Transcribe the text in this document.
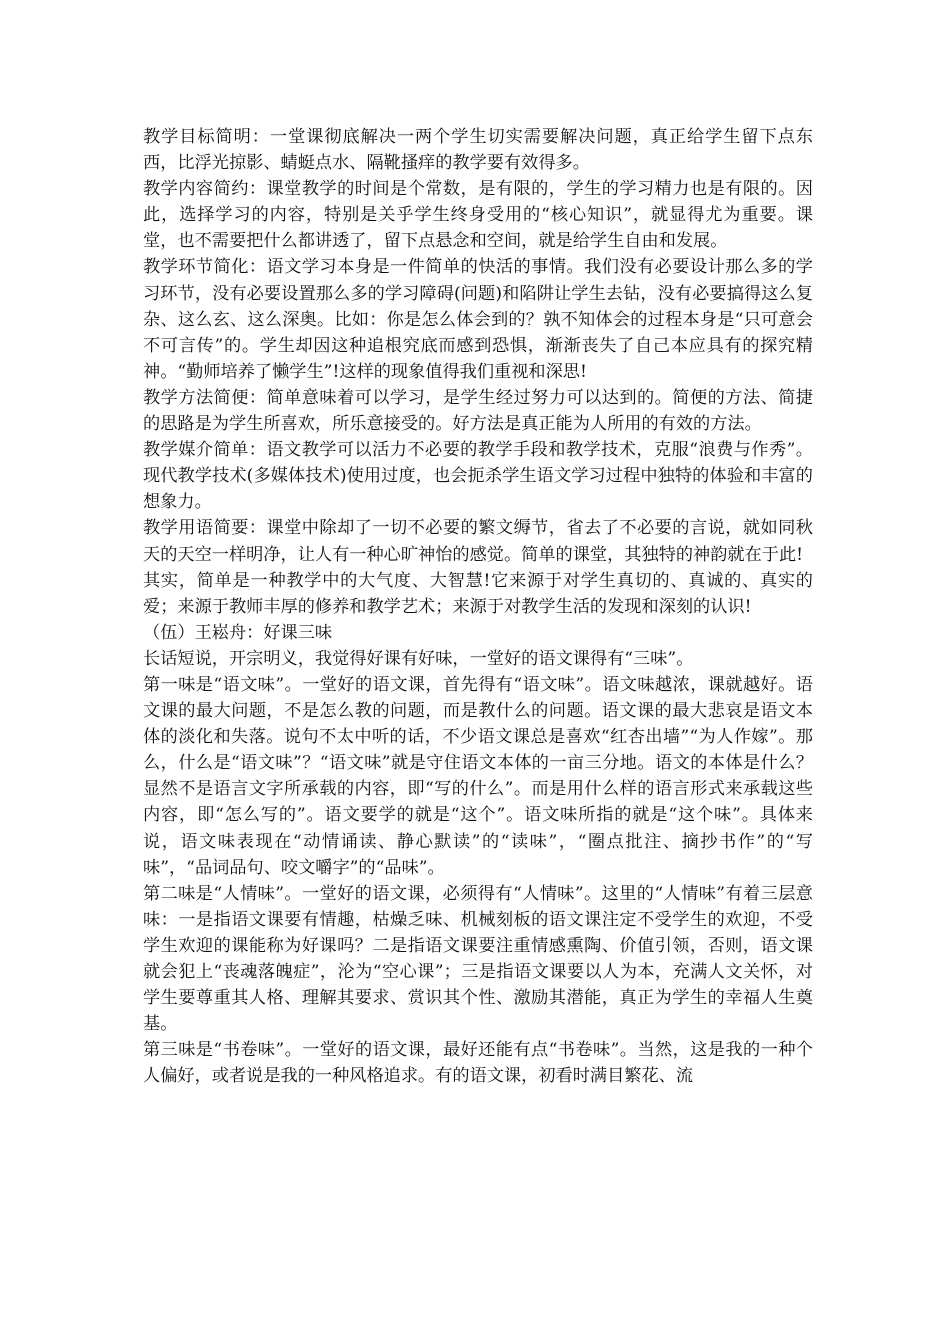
教学目标简明：一堂课彻底解决一两个学生切实需要解决问题，真正给学生留下点东西，比浮光掠影、蜻蜓点水、隔靴搔痒的教学要有效得多。

教学内容简约：课堂教学的时间是个常数，是有限的，学生的学习精力也是有限的。因此，选择学习的内容，特别是关乎学生终身受用的“核心知识”，就显得尤为重要。课堂，也不需要把什么都讲透了，留下点悬念和空间，就是给学生自由和发展。

教学环节简化：语文学习本身是一件简单的快活的事情。我们没有必要设计那么多的学习环节，没有必要设置那么多的学习障碍(问题)和陷阱让学生去钻，没有必要搞得这么复杂、这么玄、这么深奥。比如：你是怎么体会到的？孰不知体会的过程本身是“只可意会不可言传”的。学生却因这种追根究底而感到恐惧，渐渐丧失了自己本应具有的探究精神。“勤师培养了懒学生”!这样的现象值得我们重视和深思!

教学方法简便：简单意味着可以学习，是学生经过努力可以达到的。简便的方法、简捷的思路是为学生所喜欢，所乐意接受的。好方法是真正能为人所用的有效的方法。

教学媒介简单：语文教学可以活力不必要的教学手段和教学技术，克服“浪费与作秀”。现代教学技术(多媒体技术)使用过度，也会扼杀学生语文学习过程中独特的体验和丰富的想象力。

教学用语简要：课堂中除却了一切不必要的繁文缛节，省去了不必要的言说，就如同秋天的天空一样明净，让人有一种心旷神怡的感觉。简单的课堂，其独特的神韵就在于此!

其实，简单是一种教学中的大气度、大智慧!它来源于对学生真切的、真诚的、真实的爱；来源于教师丰厚的修养和教学艺术；来源于对教学生活的发现和深刻的认识!

（伍）王崧舟：好课三味

长话短说，开宗明义，我觉得好课有好味，一堂好的语文课得有“三味”。

第一味是“语文味”。一堂好的语文课，首先得有“语文味”。语文味越浓，课就越好。语文课的最大问题，不是怎么教的问题，而是教什么的问题。语文课的最大悲哀是语文本体的淡化和失落。说句不太中听的话，不少语文课总是喜欢“红杏出墙”“为人作嫁”。那么，什么是“语文味”？“语文味”就是守住语文本体的一亩三分地。语文的本体是什么？显然不是语言文字所承载的内容，即“写的什么”。而是用什么样的语言形式来承载这些内容，即“怎么写的”。语文要学的就是“这个”。语文味所指的就是“这个味”。具体来说，语文味表现在“动情诵读、静心默读”的“读味”，“圈点批注、摘抄书作”的“写味”，“品词品句、咬文嚼字”的“品味”。

第二味是“人情味”。一堂好的语文课，必须得有“人情味”。这里的“人情味”有着三层意味：一是指语文课要有情趣，枯燥乏味、机械刻板的语文课注定不受学生的欢迎，不受学生欢迎的课能称为好课吗？二是指语文课要注重情感熏陶、价值引领，否则，语文课就会犯上“丧魂落魄症”，沦为“空心课”；三是指语文课要以人为本，充满人文关怀，对学生要尊重其人格、理解其要求、赏识其个性、激励其潜能，真正为学生的幸福人生奠基。

第三味是“书卷味”。一堂好的语文课，最好还能有点“书卷味”。当然，这是我的一种个人偏好，或者说是我的一种风格追求。有的语文课，初看时满目繁花、流
